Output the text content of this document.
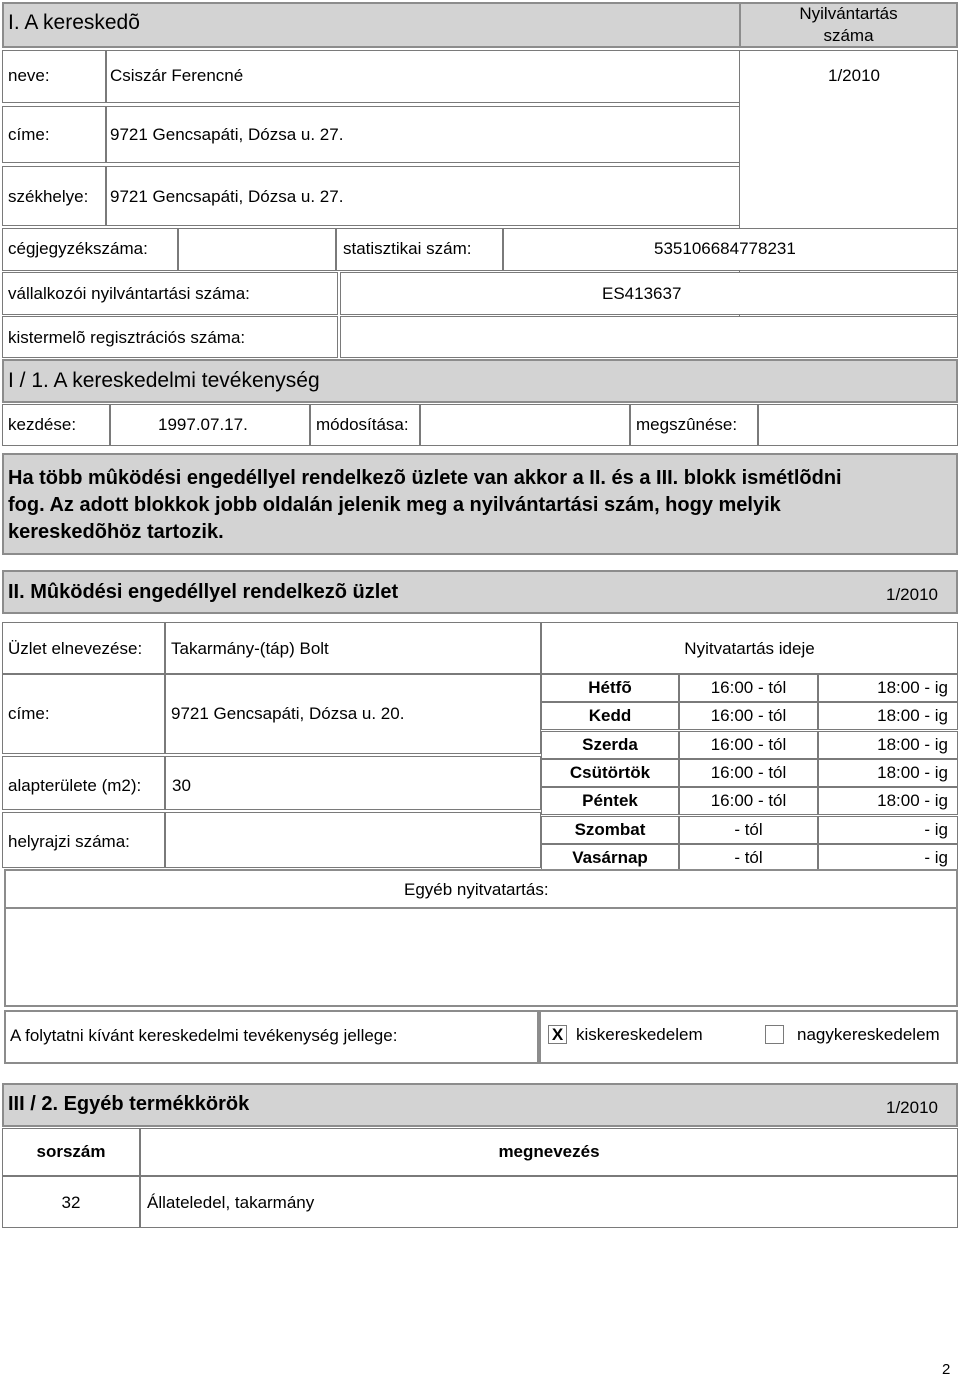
I. A kereskedõ	Nyilvántartás
száma
neve:	Csiszár Ferencné	1/2010
címe:	9721 Gencsapáti, Dózsa u. 27.
székhelye: 9721 Gencsapáti, Dózsa u. 27.
cégjegyzékszáma:	statisztikai szám:	535106684778231
vállalkozói nyilvántartási száma:	ES413637
kistermelõ regisztrációs száma:
I / 1. A kereskedelmi tevékenység
kezdése:	1997.07.17.	módosítása:	megszûnése:
Ha több mûködési engedéllyel rendelkezõ üzlete van akkor a II. és a III. blokk ismétlõdni
fog. Az adott blokkok jobb oldalán jelenik meg a nyilvántartási szám, hogy melyik
kereskedõhöz tartozik.
II. Mûködési engedéllyel rendelkezõ üzlet	1/2010
Üzlet elnevezése: Takarmány-(táp) Bolt	Nyitvatartás ideje
címe:	9721 Gencsapáti, Dózsa u. 20.
alapterülete (m2): 30
helyrajzi száma:
Hétfõ	16:00 - tól	18:00 - ig
Kedd	16:00 - tól	18:00 - ig
Szerda	16:00 - tól	18:00 - ig
Csütörtök	16:00 - tól	18:00 - ig
Péntek	16:00 - tól	18:00 - ig
Szombat	- tól	- ig
Vasárnap	- tól	- ig
Egyéb nyitvatartás:
A folytatni kívánt kereskedelmi tevékenység jellege:	X kiskereskedelem	nagykereskedelem
III / 2. Egyéb termékkörök	1/2010
sorszám	megnevezés
32	Állateledel, takarmány
2
